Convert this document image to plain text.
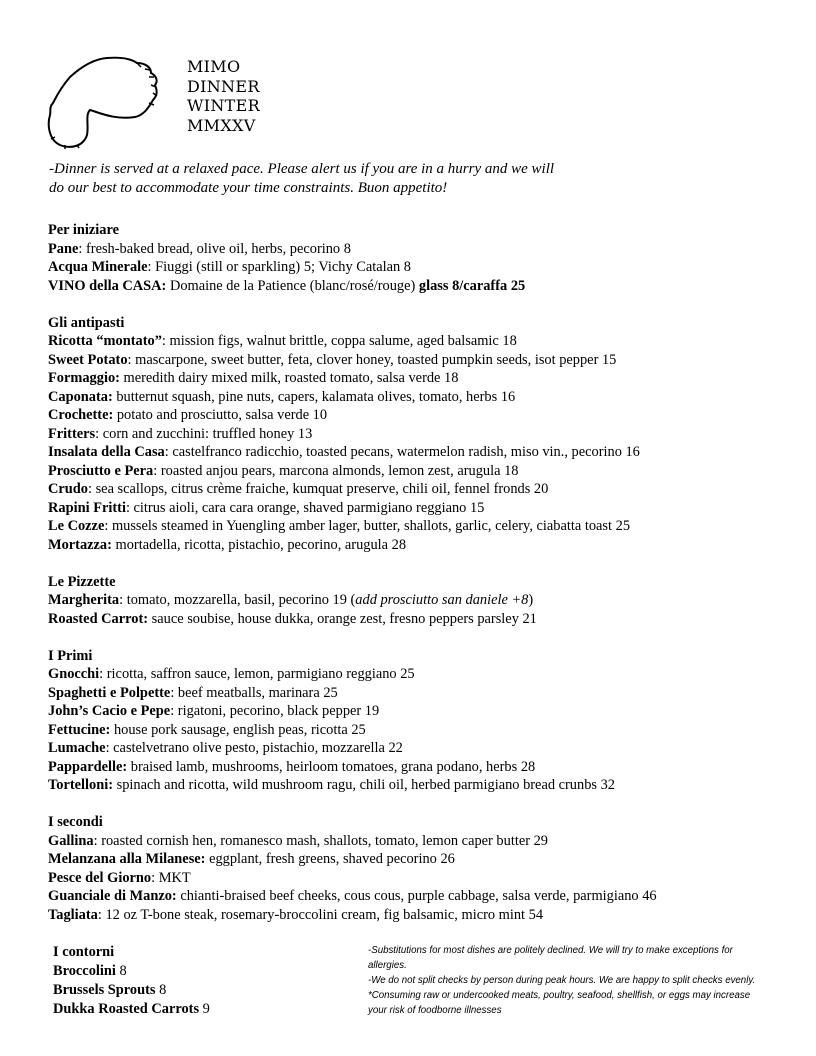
MIMO
DINNER
WINTER
MMXXV
-Dinner is served at a relaxed pace. Please alert us if you are in a hurry and we will do our best to accommodate your time constraints. Buon appetito!
Per iniziare
Pane: fresh-baked bread, olive oil, herbs, pecorino 8
Acqua Minerale: Fiuggi (still or sparkling) 5; Vichy Catalan 8
VINO della CASA: Domaine de la Patience (blanc/rosé/rouge) glass 8/caraffa 25
Gli antipasti
Ricotta “montato”: mission figs, walnut brittle, coppa salume, aged balsamic 18
Sweet Potato: mascarpone, sweet butter, feta, clover honey, toasted pumpkin seeds, isot pepper 15
Formaggio: meredith dairy mixed milk, roasted tomato, salsa verde 18
Caponata: butternut squash, pine nuts, capers, kalamata olives, tomato, herbs 16
Crochette: potato and prosciutto, salsa verde 10
Fritters: corn and zucchini: truffled honey 13
Insalata della Casa: castelfranco radicchio, toasted pecans, watermelon radish, miso vin., pecorino 16
Prosciutto e Pera: roasted anjou pears, marcona almonds, lemon zest, arugula 18
Crudo: sea scallops, citrus crème fraiche, kumquat preserve, chili oil, fennel fronds 20
Rapini Fritti: citrus aioli, cara cara orange, shaved parmigiano reggiano 15
Le Cozze: mussels steamed in Yuengling amber lager, butter, shallots, garlic, celery, ciabatta toast 25
Mortazza: mortadella, ricotta, pistachio, pecorino, arugula 28
Le Pizzette
Margherita: tomato, mozzarella, basil, pecorino 19 (add prosciutto san daniele +8)
Roasted Carrot: sauce soubise, house dukka, orange zest, fresno peppers parsley 21
I Primi
Gnocchi: ricotta, saffron sauce, lemon, parmigiano reggiano 25
Spaghetti e Polpette: beef meatballs, marinara 25
John’s Cacio e Pepe: rigatoni, pecorino, black pepper 19
Fettucine: house pork sausage, english peas, ricotta 25
Lumache: castelvetrano olive pesto, pistachio, mozzarella 22
Pappardelle: braised lamb, mushrooms, heirloom tomatoes, grana podano, herbs 28
Tortelloni: spinach and ricotta, wild mushroom ragu, chili oil, herbed parmigiano bread crunbs 32
I secondi
Gallina: roasted cornish hen, romanesco mash, shallots, tomato, lemon caper butter 29
Melanzana alla Milanese: eggplant, fresh greens, shaved pecorino 26
Pesce del Giorno: MKT
Guanciale di Manzo: chianti-braised beef cheeks, cous cous, purple cabbage, salsa verde, parmigiano 46
Tagliata: 12 oz T-bone steak, rosemary-broccolini cream, fig balsamic, micro mint 54
I contorni
Broccolini 8
Brussels Sprouts 8
Dukka Roasted Carrots 9
-Substitutions for most dishes are politely declined. We will try to make exceptions for allergies.
-We do not split checks by person during peak hours. We are happy to split checks evenly.
*Consuming raw or undercooked meats, poultry, seafood, shellfish, or eggs may increase your risk of foodborne illnesses
